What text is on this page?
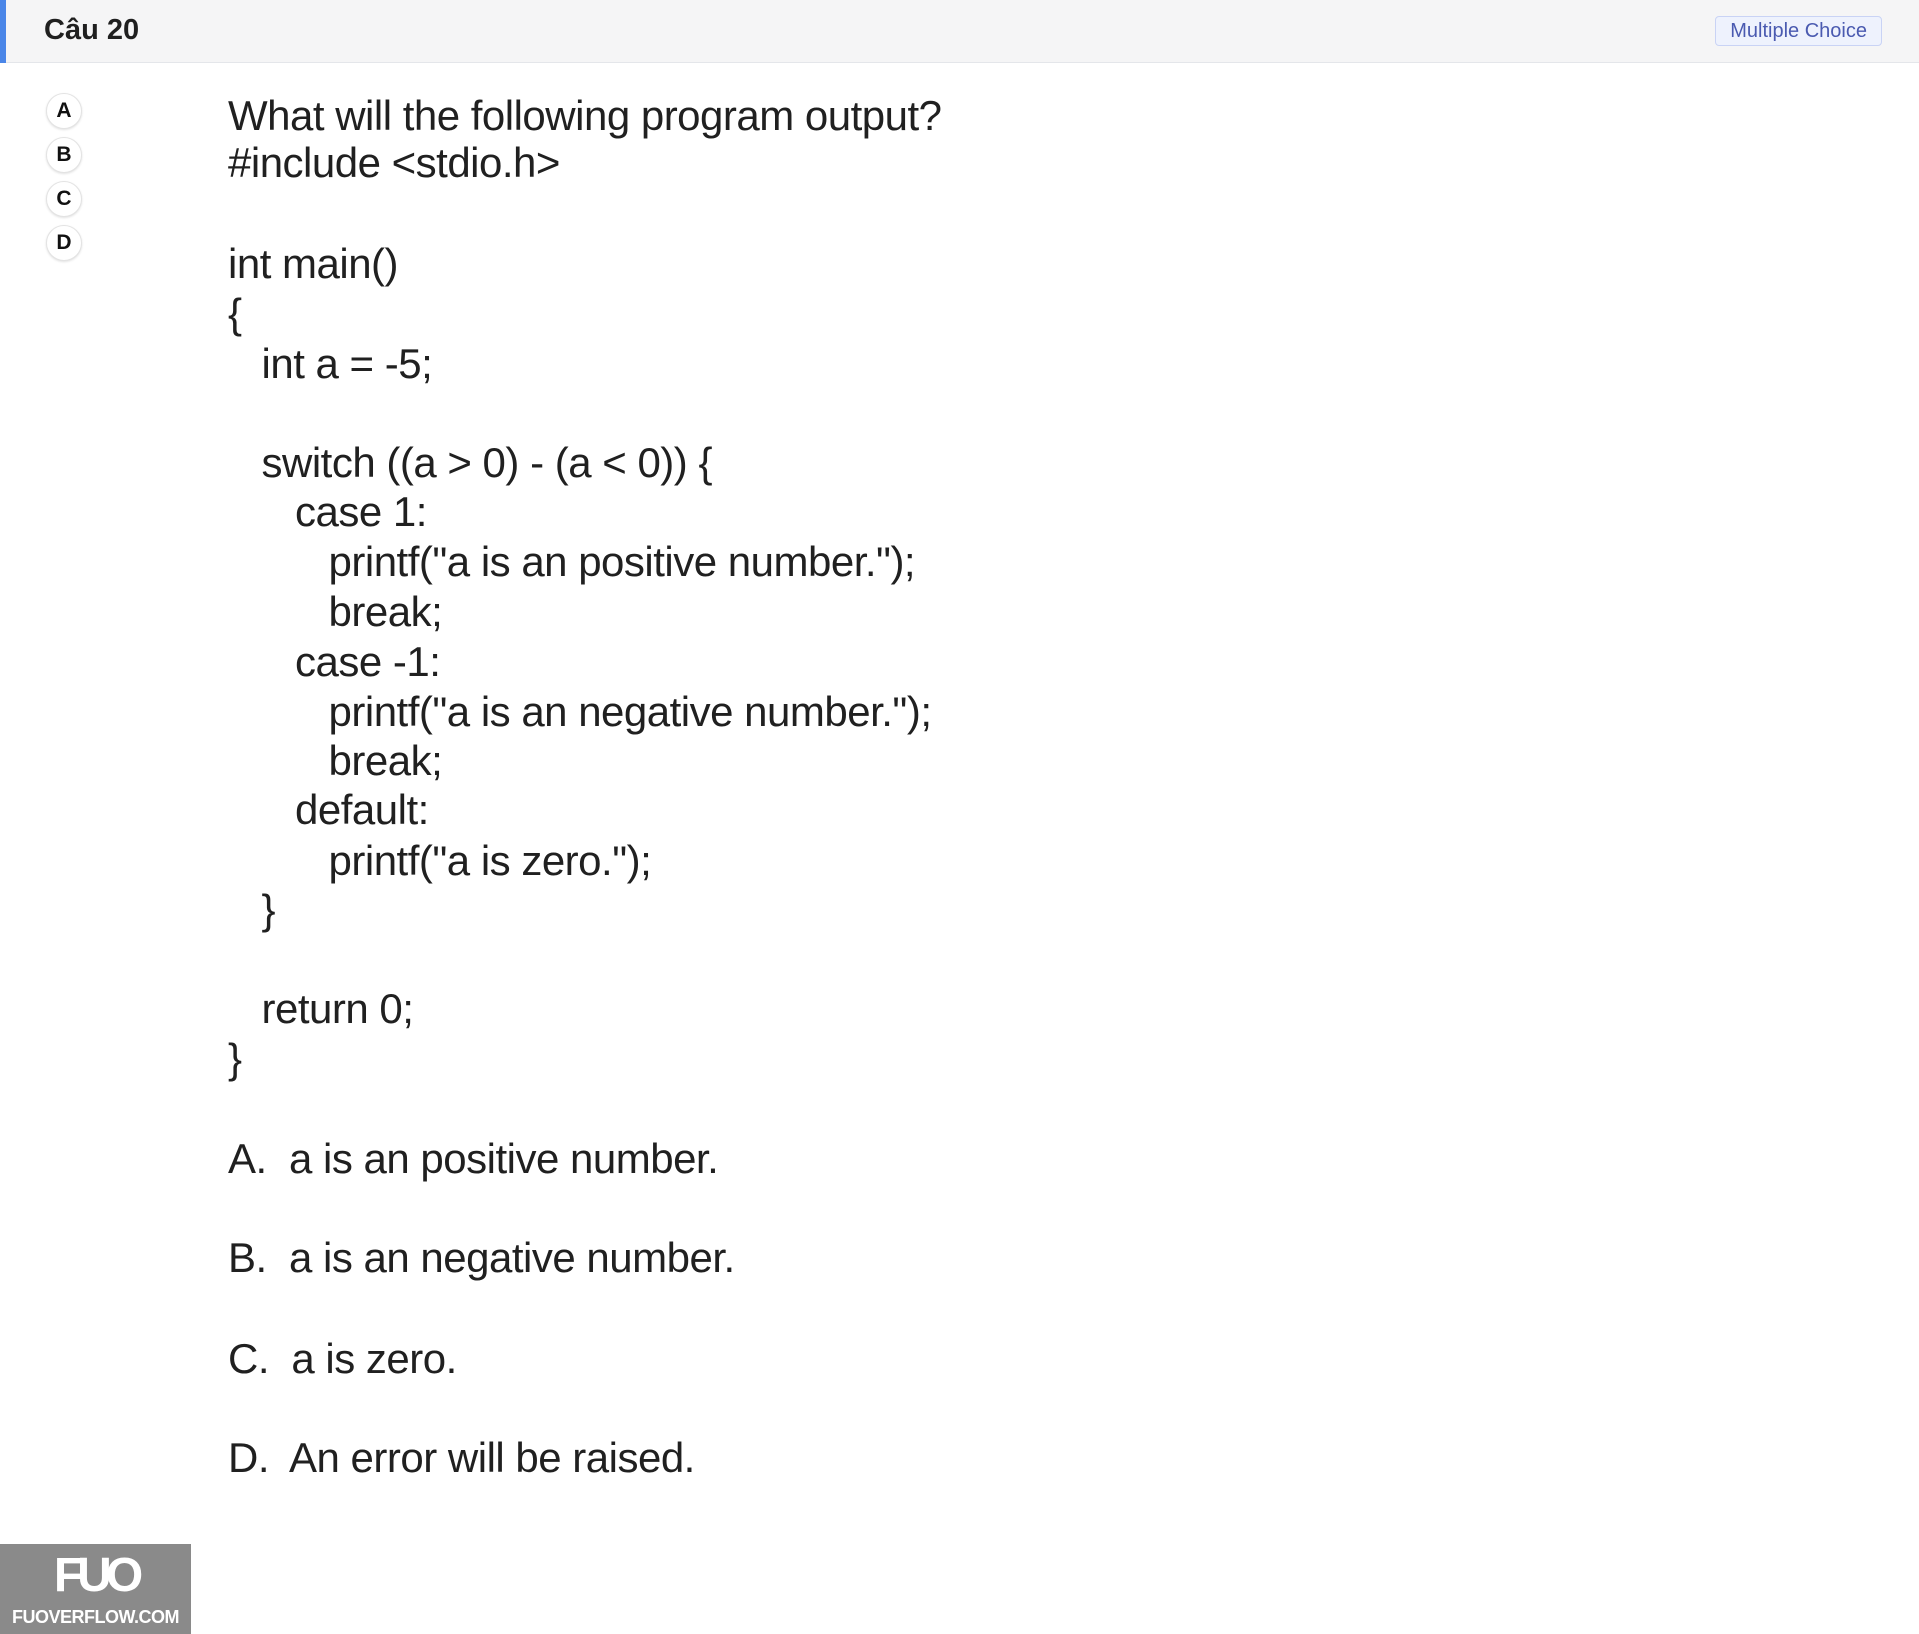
Câu 20	Multiple Choice
A
B
C
D
What will the following program output?
#include <stdio.h>
int main()
{
int a = -5;
switch ((a > 0) - (a < 0)) {
case 1:
printf("a is an positive number.");
break;
case -1:
printf("a is an negative number.");
break;
default:
printf("a is zero.");
}
return 0;
}
A.  a is an positive number.
B.  a is an negative number.
C.  a is zero.
D.  An error will be raised.
FUO
FUOVERFLOW.COM
